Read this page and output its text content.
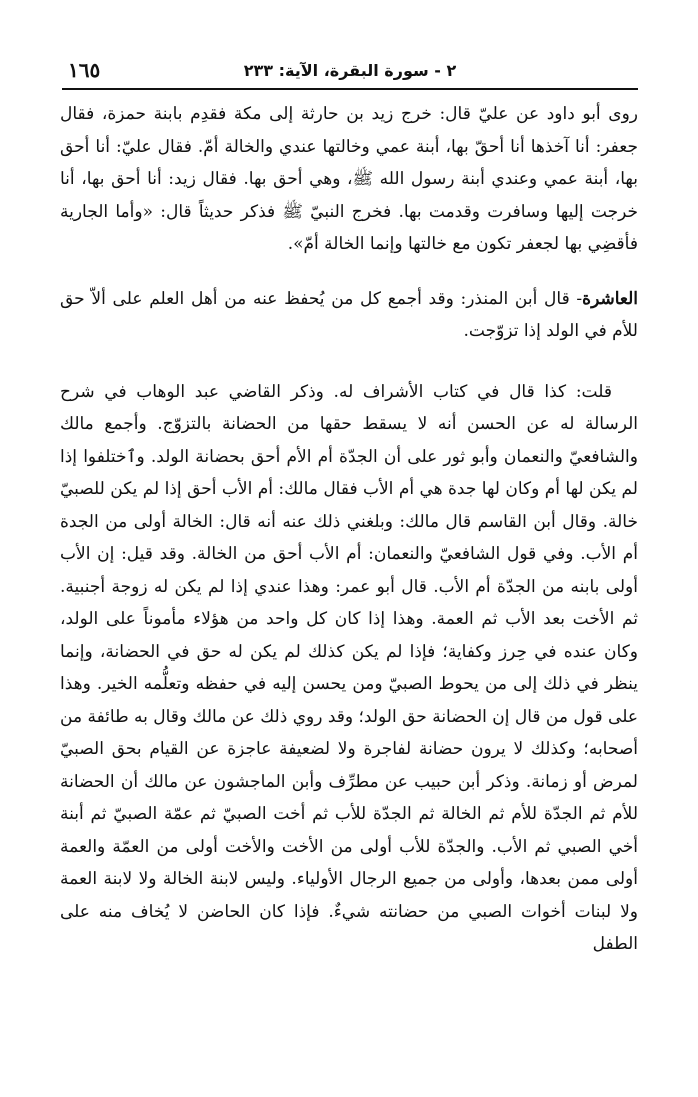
١٦٥	٢ - سورة البقرة، الآية: ٢٣٣

روى أبو داود عن عليّ قال: خرج زيد بن حارثة إلى مكة فقدِم بابنة حمزة، فقال جعفر: أنا آخذها أنا أحقّ بها، أبنة عمي وخالتها عندي والخالة أمّ. فقال عليّ: أنا أحق بها، أبنة عمي وعندي أبنة رسول الله ﷺ، وهي أحق بها. فقال زيد: أنا أحق بها، أنا خرجت إليها وسافرت وقدمت بها. فخرج النبيّ ﷺ فذكر حديثاً قال: «وأما الجارية فأقضِي بها لجعفر تكون مع خالتها وإنما الخالة أمّ».

العاشرة- قال أبن المنذر: وقد أجمع كل من يُحفظ عنه من أهل العلم على ألاّ حق للأم في الولد إذا تزوّجت.

قلت: كذا قال في كتاب الأشراف له. وذكر القاضي عبد الوهاب في شرح الرسالة له عن الحسن أنه لا يسقط حقها من الحضانة بالتزوّج. وأجمع مالك والشافعيّ والنعمان وأبو ثور على أن الجدّة أم الأم أحق بحضانة الولد. وٱختلفوا إذا لم يكن لها أم وكان لها جدة هي أم الأب فقال مالك: أم الأب أحق إذا لم يكن للصبيّ خالة. وقال أبن القاسم قال مالك: وبلغني ذلك عنه أنه قال: الخالة أولى من الجدة أم الأب. وفي قول الشافعيّ والنعمان: أم الأب أحق من الخالة. وقد قيل: إن الأب أولى بابنه من الجدّة أم الأب. قال أبو عمر: وهذا عندي إذا لم يكن له زوجة أجنبية. ثم الأخت بعد الأب ثم العمة. وهذا إذا كان كل واحد من هؤلاء مأموناً على الولد، وكان عنده في حِرز وكفاية؛ فإذا لم يكن كذلك لم يكن له حق في الحضانة، وإنما ينظر في ذلك إلى من يحوط الصبيّ ومن يحسن إليه في حفظه وتعلُّمه الخير. وهذا على قول من قال إن الحضانة حق الولد؛ وقد روي ذلك عن مالك وقال به طائفة من أصحابه؛ وكذلك لا يرون حضانة لفاجرة ولا لضعيفة عاجزة عن القيام بحق الصبيّ لمرض أو زمانة. وذكر أبن حبيب عن مطرِّف وأبن الماجشون عن مالك أن الحضانة للأم ثم الجدّة للأم ثم الخالة ثم الجدّة للأب ثم أخت الصبيّ ثم عمّة الصبيّ ثم أبنة أخي الصبي ثم الأب. والجدّة للأب أولى من الأخت والأخت أولى من العمّة والعمة أولى ممن بعدها، وأولى من جميع الرجال الأولياء. وليس لابنة الخالة ولا لابنة العمة ولا لبنات أخوات الصبي من حضانته شيءٌ. فإذا كان الحاضن لا يُخاف منه على الطفل
